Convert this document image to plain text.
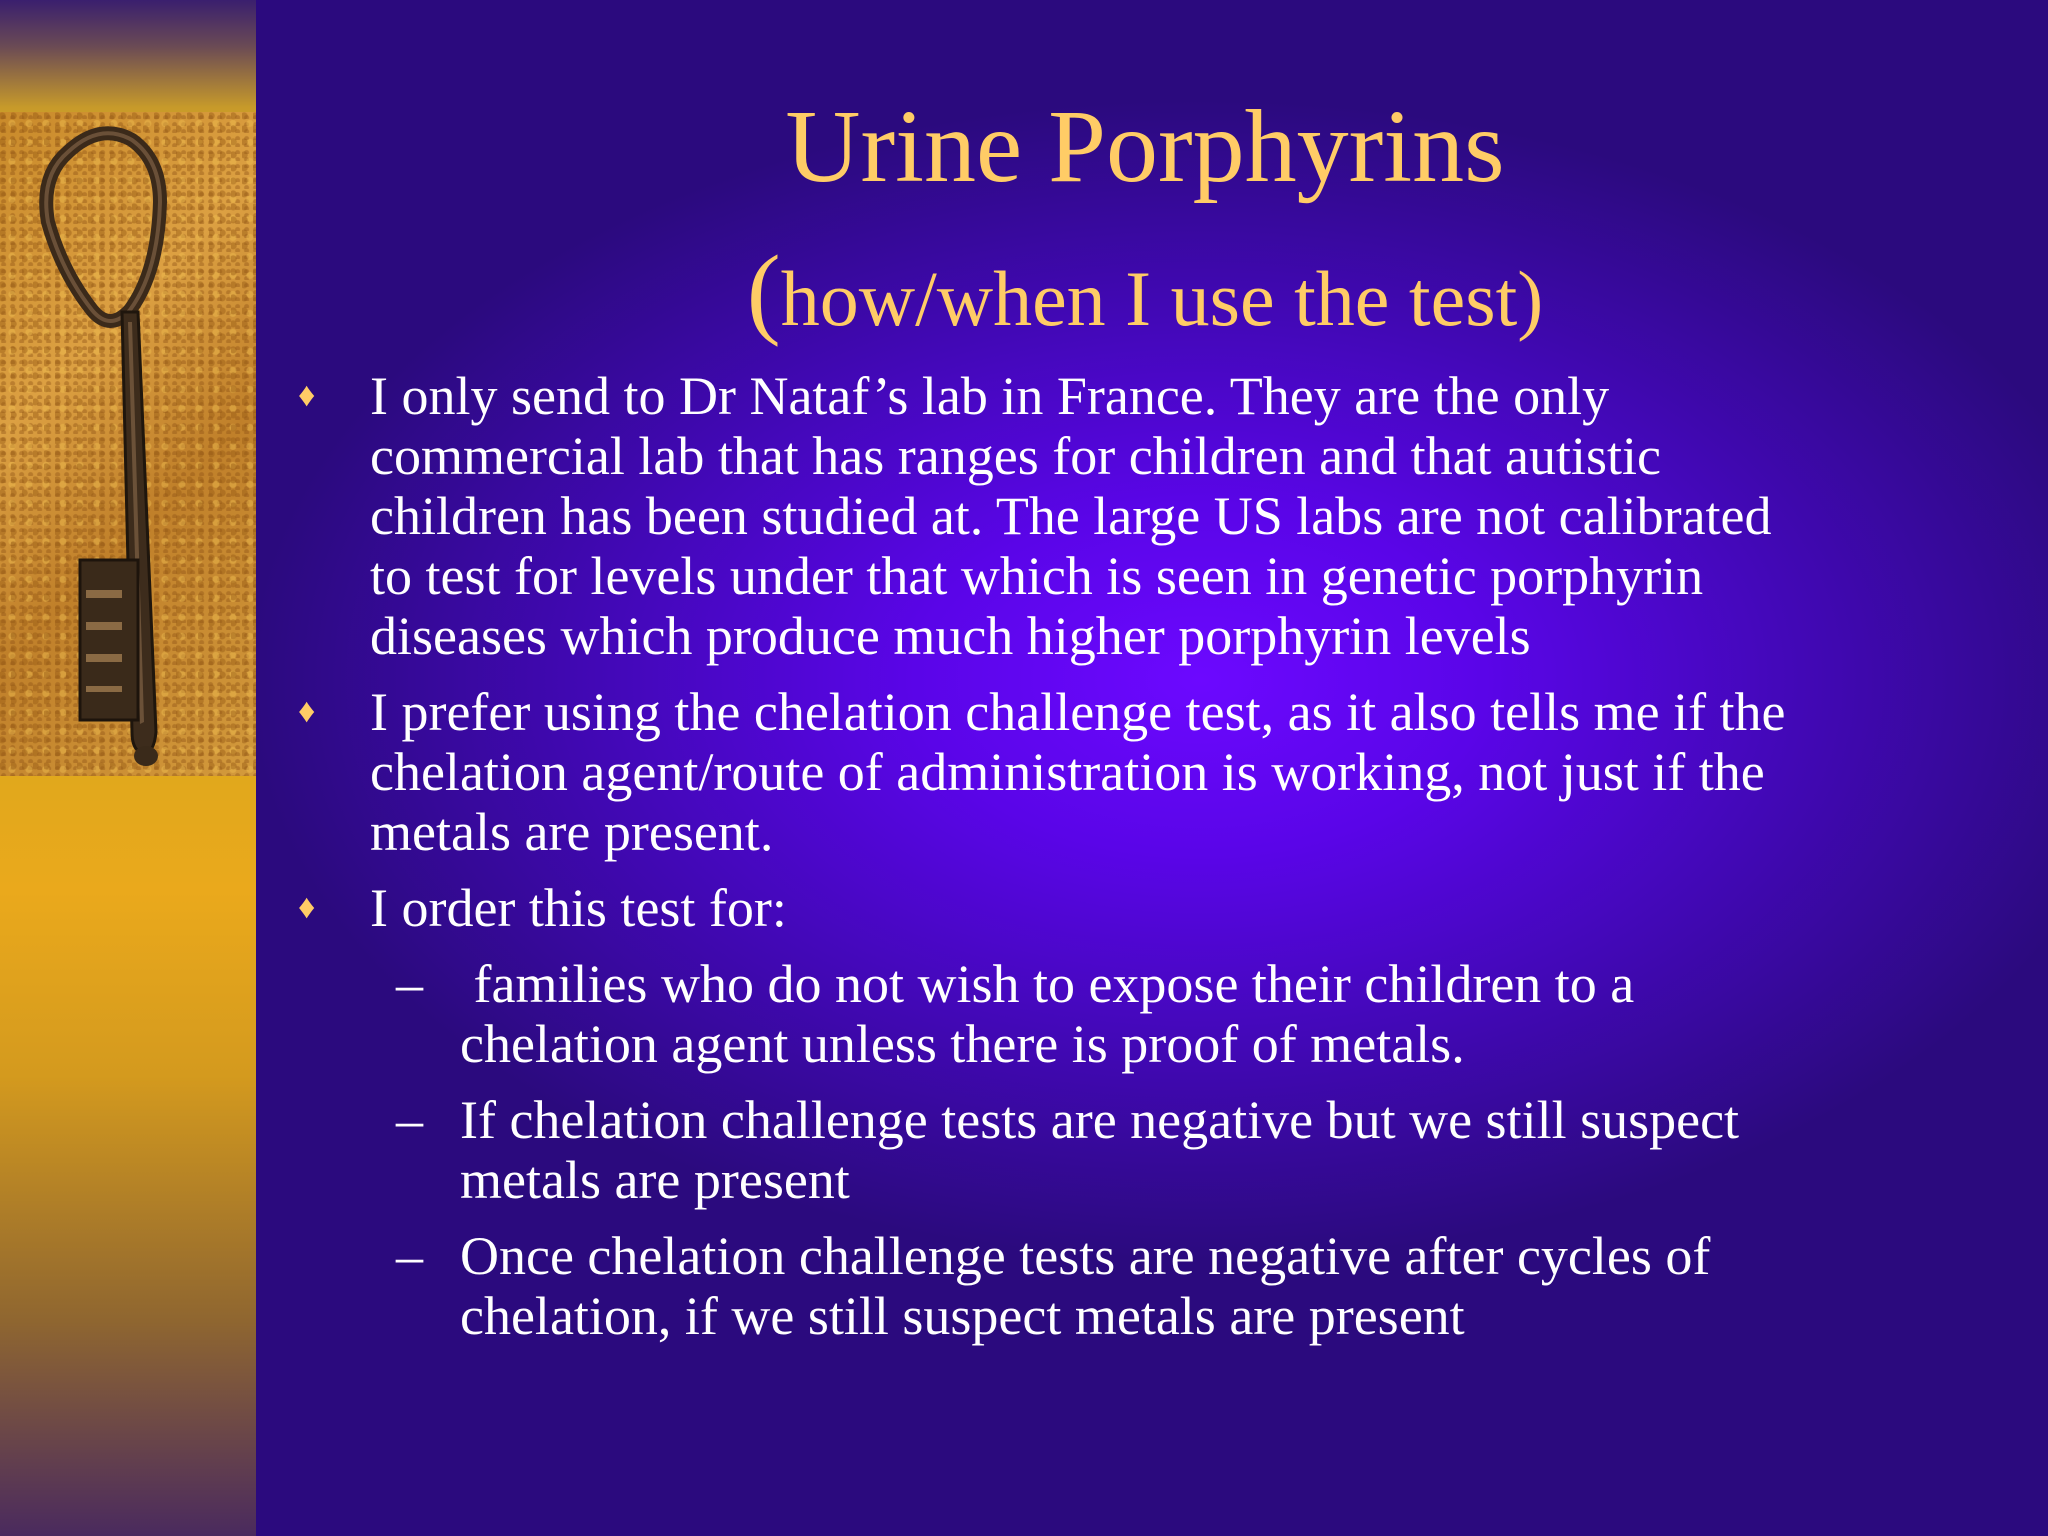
Urine Porphyrins
(how/when I use the test)
♦ I only send to Dr Nataf’s lab in France. They are the only

commercial lab that has ranges for children and that autistic

children has been studied at. The large US labs are not calibrated

to test for levels under that which is seen in genetic porphyrin

diseases which produce much higher porphyrin levels

♦ I prefer using the chelation challenge test, as it also tells me if the

chelation agent/route of administration is working, not just if the

metals are present.

♦ I order this test for:

– families who do not wish to expose their children to a

chelation agent unless there is proof of metals.

– If chelation challenge tests are negative but we still suspect

metals are present

– Once chelation challenge tests are negative after cycles of

chelation, if we still suspect metals are present
